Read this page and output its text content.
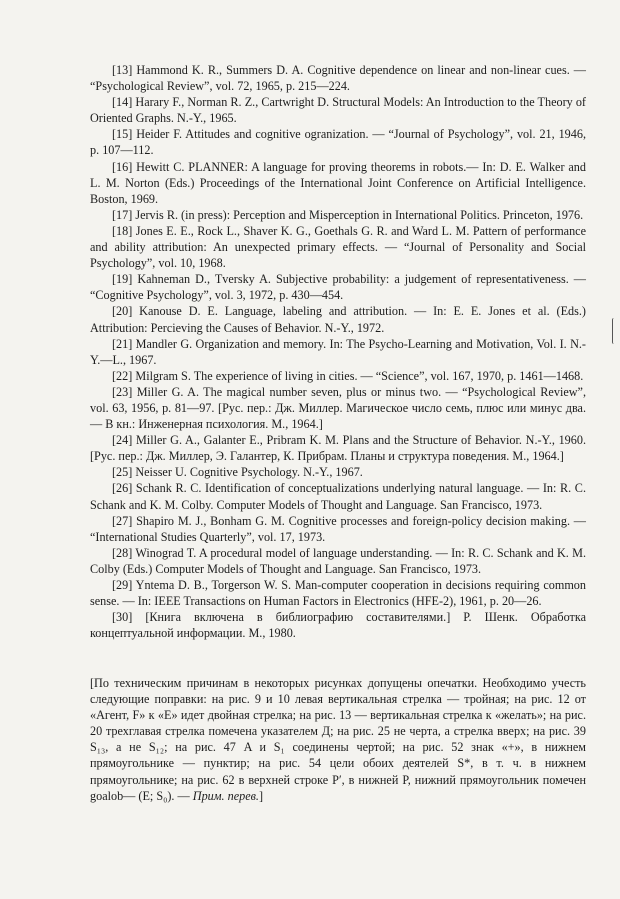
[13] Hammond K. R., Summers D. A. Cognitive dependence on linear and non-linear cues. — “Psychological Review”, vol. 72, 1965, p. 215—224.

[14] Harary F., Norman R. Z., Cartwright D. Structural Models: An Introduction to the Theory of Oriented Graphs. N.-Y., 1965.

[15] Heider F. Attitudes and cognitive ogranization. — “Journal of Psychology”, vol. 21, 1946, p. 107—112.

[16] Hewitt C. PLANNER: A language for proving theorems in robots.— In: D. E. Walker and L. M. Norton (Eds.) Proceedings of the International Joint Conference on Artificial Intelligence. Boston, 1969.

[17] Jervis R. (in press): Perception and Misperception in International Politics. Princeton, 1976.

[18] Jones E. E., Rock L., Shaver K. G., Goethals G. R. and Ward L. M. Pattern of performance and ability attribution: An unexpected primary effects. — “Journal of Personality and Social Psychology”, vol. 10, 1968.

[19] Kahneman D., Tversky A. Subjective probability: a judgement of representativeness. — “Cognitive Psychology”, vol. 3, 1972, p. 430—454.

[20] Kanouse D. E. Language, labeling and attribution. — In: E. E. Jones et al. (Eds.) Attribution: Percieving the Causes of Behavior. N.-Y., 1972.

[21] Mandler G. Organization and memory. In: The Psycho-Learning and Motivation, Vol. I. N.-Y.—L., 1967.

[22] Milgram S. The experience of living in cities. — “Science”, vol. 167, 1970, p. 1461—1468.

[23] Miller G. A. The magical number seven, plus or minus two. — “Psychological Review”, vol. 63, 1956, p. 81—97. [Рус. пер.: Дж. Миллер. Магическое число семь, плюс или минус два. — В кн.: Инженерная психология. М., 1964.]

[24] Miller G. A., Galanter E., Pribram K. M. Plans and the Structure of Behavior. N.-Y., 1960. [Рус. пер.: Дж. Миллер, Э. Галантер, К. Прибрам. Планы и структура поведения. М., 1964.]

[25] Neisser U. Cognitive Psychology. N.-Y., 1967.

[26] Schank R. C. Identification of conceptualizations underlying natural language. — In: R. C. Schank and K. M. Colby. Computer Models of Thought and Language. San Francisco, 1973.

[27] Shapiro M. J., Bonham G. M. Cognitive processes and foreign-policy decision making. — “International Studies Quarterly”, vol. 17, 1973.

[28] Winograd T. A procedural model of language understanding. — In: R. C. Schank and K. M. Colby (Eds.) Computer Models of Thought and Language. San Francisco, 1973.

[29] Yntema D. B., Torgerson W. S. Man-computer cooperation in decisions requiring common sense. — In: IEEE Transactions on Human Factors in Electronics (HFE-2), 1961, p. 20—26.

[30] [Книга включена в библиографию составителями.] Р. Шенк. Обработка концептуальной информации. М., 1980.

[По техническим причинам в некоторых рисунках допущены опечатки. Необходимо учесть следующие поправки: на рис. 9 и 10 левая вертикальная стрелка — тройная; на рис. 12 от «Агент, F» к «E» идет двойная стрелка; на рис. 13 — вертикальная стрелка к «желать»; на рис. 20 трехглавая стрелка помечена указателем Д; на рис. 25 не черта, а стрелка вверх; на рис. 39 S₁₃, а не S₁₂; на рис. 47 A и S₁ соединены чертой; на рис. 52 знак «+», в нижнем прямоугольнике — пунктир; на рис. 54 цели обоих деятелей S*, в т. ч. в нижнем прямоугольнике; на рис. 62 в верхней строке P′, в нижней P, нижний прямоугольник помечен goalob— (E; S₀). — Прим. перев.]
